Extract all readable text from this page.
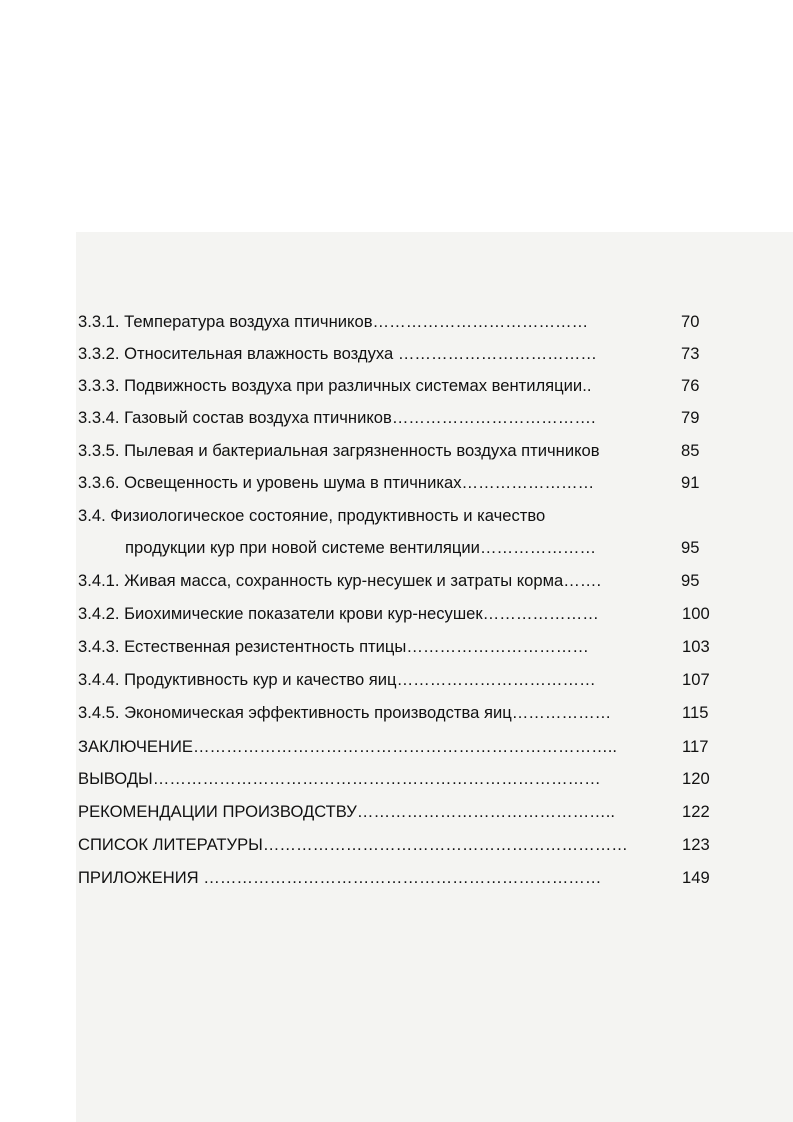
3.3.1. Температура воздуха птичников…………………………………	70
3.3.2. Относительная влажность воздуха ………………………………	73
3.3.3. Подвижность воздуха при различных системах вентиляции..	76
3.3.4. Газовый состав воздуха птичников……………………………….	79
3.3.5. Пылевая и бактериальная загрязненность воздуха птичников	85
3.3.6. Освещенность и уровень шума в птичниках……………………	91
3.4. Физиологическое состояние, продуктивность и качество
продукции кур при новой системе вентиляции…………………	95
3.4.1. Живая масса, сохранность кур-несушек и затраты корма…….	95
3.4.2. Биохимические показатели крови кур-несушек…………………	100
3.4.3. Естественная резистентность птицы……………………………	103
3.4.4. Продуктивность кур и качество яиц………………………………	107
3.4.5. Экономическая эффективность производства яиц………………	115
ЗАКЛЮЧЕНИЕ…………………………………………………………………..	117
ВЫВОДЫ………………………………………………………………………	120
РЕКОМЕНДАЦИИ ПРОИЗВОДСТВУ………………………………………..	122
СПИСОК ЛИТЕРАТУРЫ…………………………………………………………	123
ПРИЛОЖЕНИЯ ………………………………………………………………	149
